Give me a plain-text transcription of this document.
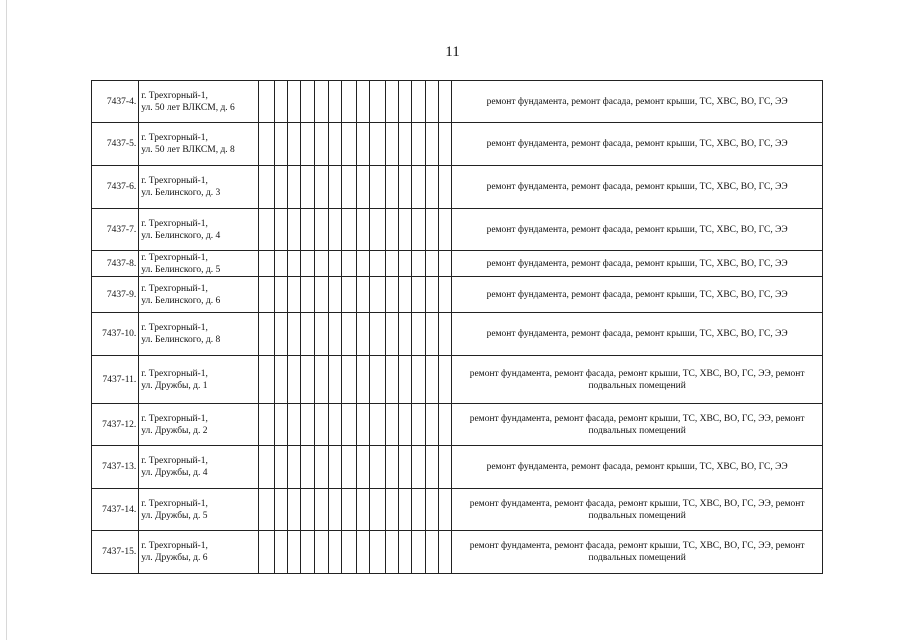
11
7437-4.	г. Трехгорный-1,
ул. 50 лет ВЛКСМ, д. 6															ремонт фундамента, ремонт фасада, ремонт крыши, ТС, ХВС, ВО, ГС, ЭЭ
7437-5.	г. Трехгорный-1,
ул. 50 лет ВЛКСМ, д. 8															ремонт фундамента, ремонт фасада, ремонт крыши, ТС, ХВС, ВО, ГС, ЭЭ
7437-6.	г. Трехгорный-1,
ул. Белинского, д. 3															ремонт фундамента, ремонт фасада, ремонт крыши, ТС, ХВС, ВО, ГС, ЭЭ
7437-7.	г. Трехгорный-1,
ул. Белинского, д. 4															ремонт фундамента, ремонт фасада, ремонт крыши, ТС, ХВС, ВО, ГС, ЭЭ
7437-8.	г. Трехгорный-1,
ул. Белинского, д. 5															ремонт фундамента, ремонт фасада, ремонт крыши, ТС, ХВС, ВО, ГС, ЭЭ
7437-9.	г. Трехгорный-1,
ул. Белинского, д. 6															ремонт фундамента, ремонт фасада, ремонт крыши, ТС, ХВС, ВО, ГС, ЭЭ
7437-10.	г. Трехгорный-1,
ул. Белинского, д. 8															ремонт фундамента, ремонт фасада, ремонт крыши, ТС, ХВС, ВО, ГС, ЭЭ
7437-11.	г. Трехгорный-1,
ул. Дружбы, д. 1															ремонт фундамента, ремонт фасада, ремонт крыши, ТС, ХВС, ВО, ГС, ЭЭ, ремонт подвальных помещений
7437-12.	г. Трехгорный-1,
ул. Дружбы, д. 2															ремонт фундамента, ремонт фасада, ремонт крыши, ТС, ХВС, ВО, ГС, ЭЭ, ремонт подвальных помещений
7437-13.	г. Трехгорный-1,
ул. Дружбы, д. 4															ремонт фундамента, ремонт фасада, ремонт крыши, ТС, ХВС, ВО, ГС, ЭЭ
7437-14.	г. Трехгорный-1,
ул. Дружбы, д. 5															ремонт фундамента, ремонт фасада, ремонт крыши, ТС, ХВС, ВО, ГС, ЭЭ, ремонт подвальных помещений
7437-15.	г. Трехгорный-1,
ул. Дружбы, д. 6															ремонт фундамента, ремонт фасада, ремонт крыши, ТС, ХВС, ВО, ГС, ЭЭ, ремонт подвальных помещений
